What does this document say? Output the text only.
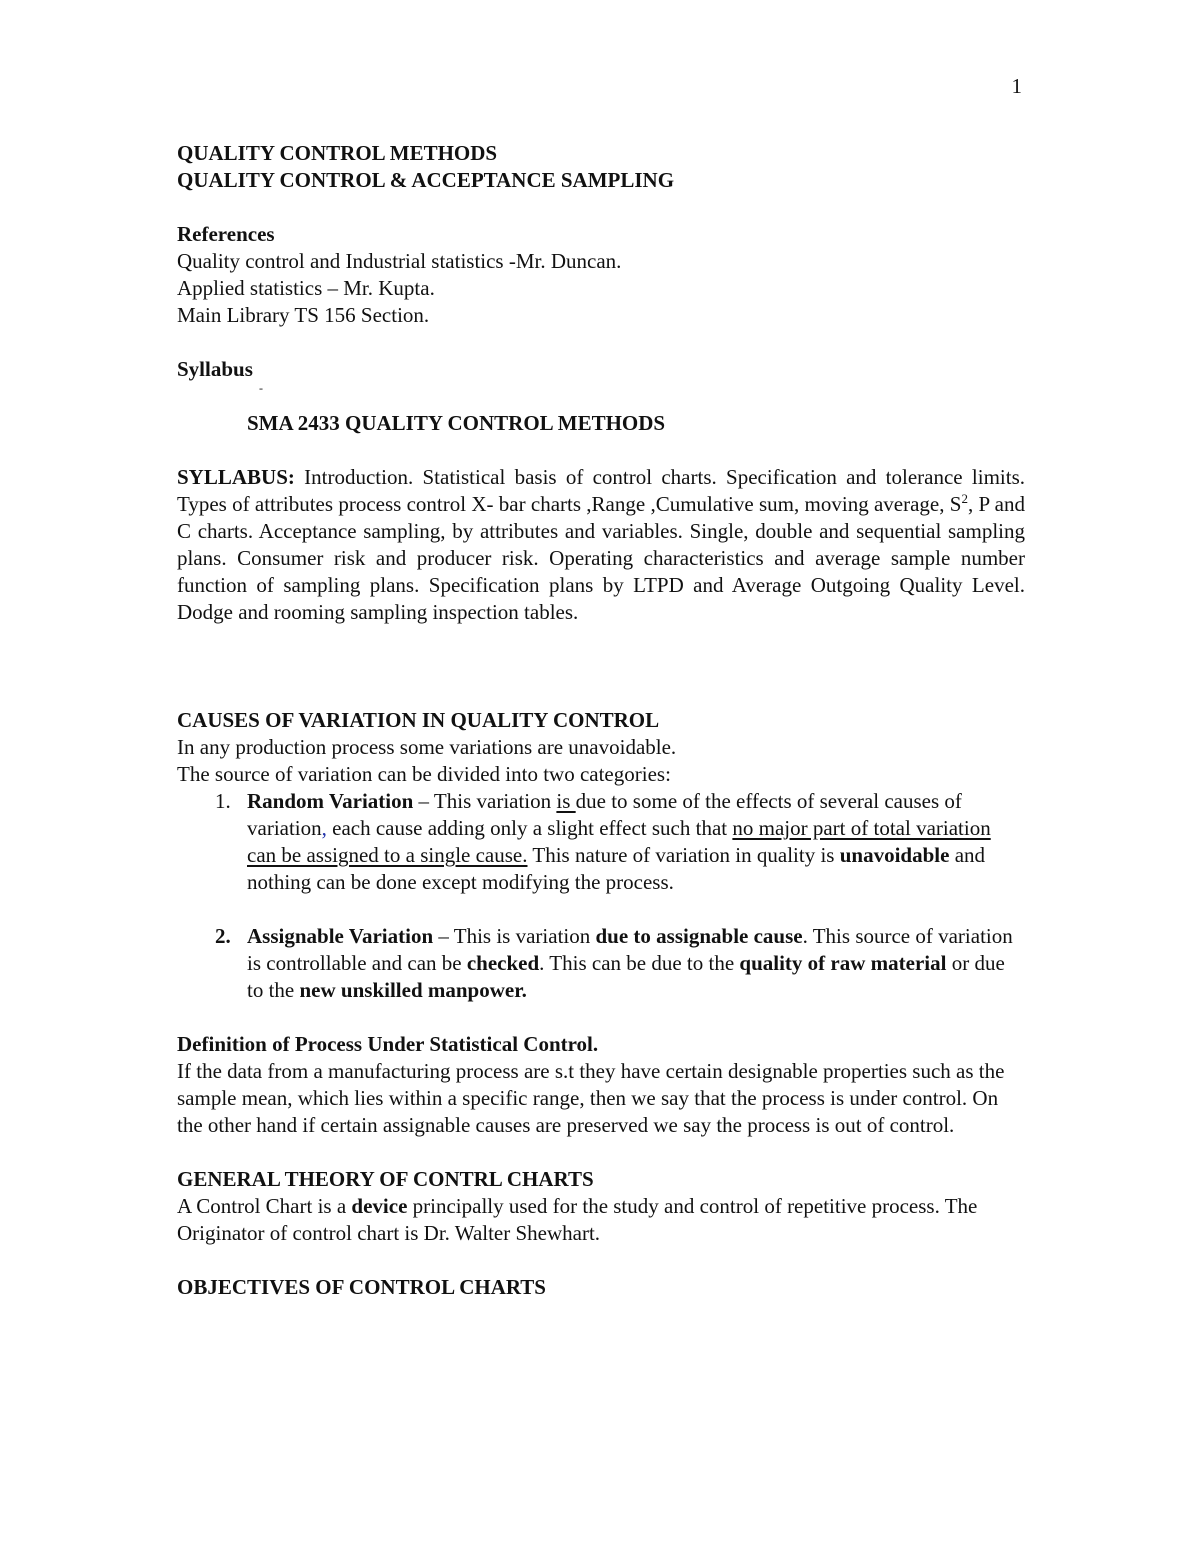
1

QUALITY CONTROL METHODS

QUALITY CONTROL & ACCEPTANCE SAMPLING

References

Quality control and Industrial statistics -Mr. Duncan.

Applied statistics – Mr. Kupta.

Main Library TS 156 Section.

Syllabus

-

SMA 2433 QUALITY CONTROL METHODS

SYLLABUS: Introduction. Statistical basis of control charts. Specification and tolerance limits. Types of attributes process control X- bar charts ,Range ,Cumulative sum, moving average, $S^2$, P and C charts. Acceptance sampling, by attributes and variables. Single, double and sequential sampling plans. Consumer risk and producer risk. Operating characteristics and average sample number function of sampling plans. Specification plans by LTPD and Average Outgoing Quality Level. Dodge and rooming sampling inspection tables.

CAUSES OF VARIATION IN QUALITY CONTROL

In any production process some variations are unavoidable.

The source of variation can be divided into two categories:

1. Random Variation – This variation is due to some of the effects of several causes of variation, each cause adding only a slight effect such that no major part of total variation can be assigned to a single cause. This nature of variation in quality is unavoidable and nothing can be done except modifying the process.
2. Assignable Variation – This is variation due to assignable cause. This source of variation is controllable and can be checked. This can be due to the quality of raw material or due to the new unskilled manpower.

Definition of Process Under Statistical Control.

If the data from a manufacturing process are s.t they have certain designable properties such as the sample mean, which lies within a specific range, then we say that the process is under control. On the other hand if certain assignable causes are preserved we say the process is out of control.

GENERAL THEORY OF CONTRL CHARTS

A Control Chart is a device principally used for the study and control of repetitive process. The Originator of control chart is Dr. Walter Shewhart.

OBJECTIVES OF CONTROL CHARTS
